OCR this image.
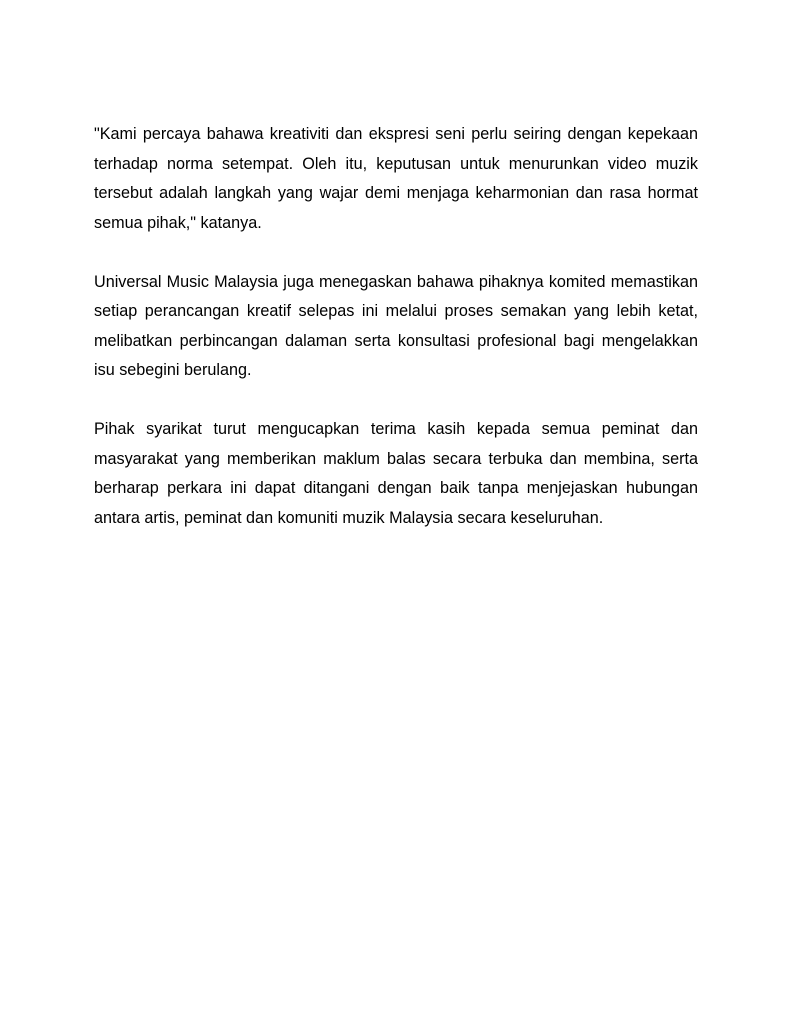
"Kami percaya bahawa kreativiti dan ekspresi seni perlu seiring dengan kepekaan terhadap norma setempat. Oleh itu, keputusan untuk menurunkan video muzik tersebut adalah langkah yang wajar demi menjaga keharmonian dan rasa hormat semua pihak," katanya.

Universal Music Malaysia juga menegaskan bahawa pihaknya komited memastikan setiap perancangan kreatif selepas ini melalui proses semakan yang lebih ketat, melibatkan perbincangan dalaman serta konsultasi profesional bagi mengelakkan isu sebegini berulang.

Pihak syarikat turut mengucapkan terima kasih kepada semua peminat dan masyarakat yang memberikan maklum balas secara terbuka dan membina, serta berharap perkara ini dapat ditangani dengan baik tanpa menjejaskan hubungan antara artis, peminat dan komuniti muzik Malaysia secara keseluruhan.
